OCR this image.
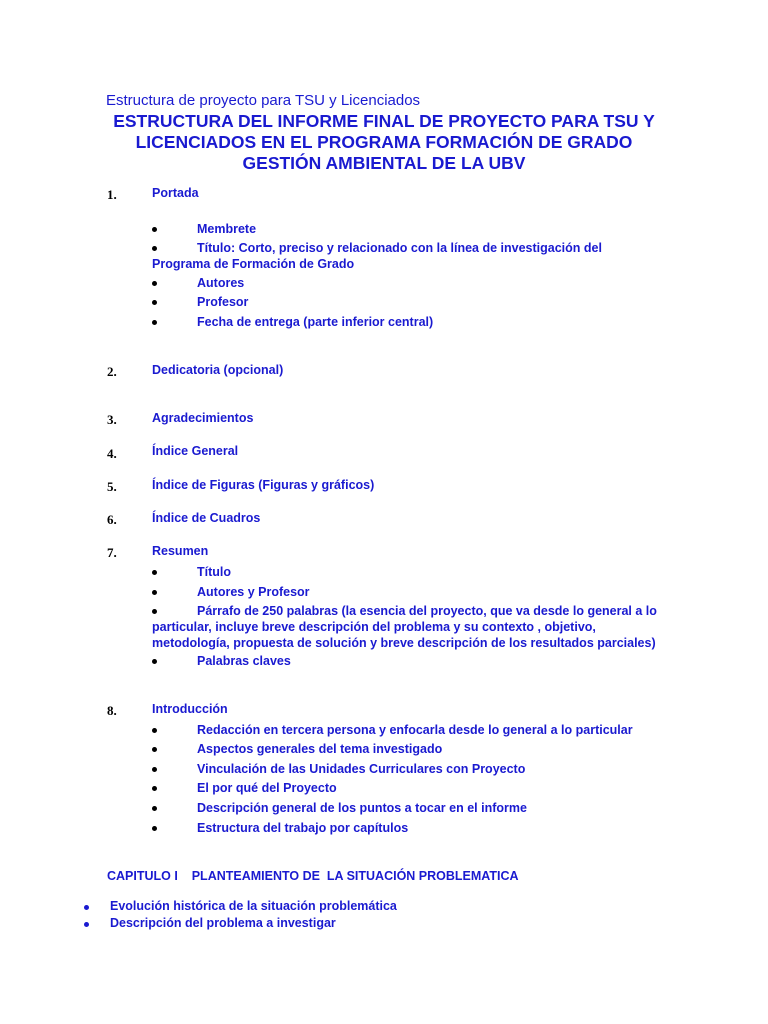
Estructura de proyecto para TSU y Licenciados
ESTRUCTURA DEL INFORME FINAL DE PROYECTO PARA TSU Y
LICENCIADOS EN EL PROGRAMA FORMACIÓN DE GRADO
GESTIÓN AMBIENTAL DE LA UBV
1.	Portada
Membrete
Título: Corto, preciso y relacionado con la línea de investigación del Programa de Formación de Grado
Autores
Profesor
Fecha de entrega (parte inferior central)
2.	Dedicatoria (opcional)
3.	Agradecimientos
4.	Índice General
5.	Índice de Figuras (Figuras y gráficos)
6.	Índice de Cuadros
7.	Resumen
Título
Autores y Profesor
Párrafo de 250 palabras (la esencia del proyecto, que va desde lo general a lo particular, incluye breve descripción del problema y su contexto , objetivo, metodología, propuesta de solución y breve descripción de los resultados parciales)
Palabras claves
8.	Introducción
Redacción en tercera persona y enfocarla desde lo general a lo particular
Aspectos generales del tema investigado
Vinculación de las Unidades Curriculares con Proyecto
El por qué del Proyecto
Descripción general de los puntos a tocar en el informe
Estructura del trabajo por capítulos
CAPITULO I    PLANTEAMIENTO DE  LA SITUACIÓN PROBLEMATICA
Evolución histórica de la situación problemática
Descripción del problema a investigar
